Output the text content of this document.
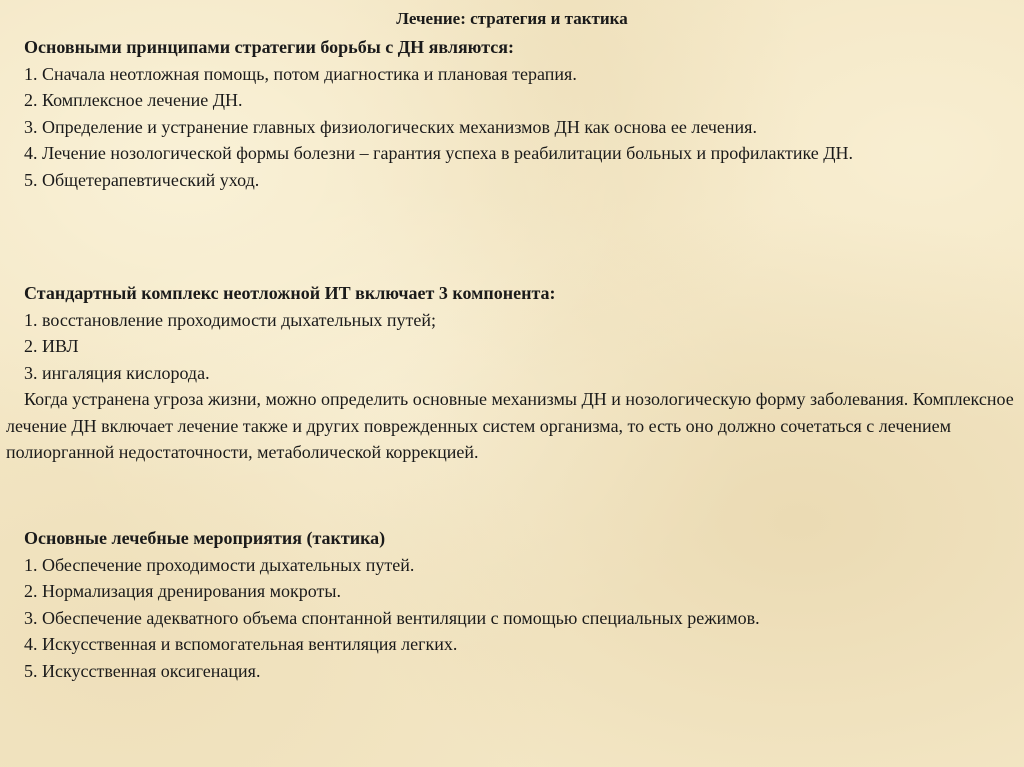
Лечение: стратегия и тактика

Основными принципами стратегии борьбы с ДН являются:

1. Сначала неотложная помощь, потом диагностика и плановая терапия.

2. Комплексное лечение ДН.

3. Определение и устранение главных физиологических механизмов ДН как основа ее лечения.

4. Лечение нозологической формы болезни – гарантия успеха в реабилитации больных и профилактике ДН.

5. Общетерапевтический уход.

Стандартный комплекс неотложной ИТ включает 3 компонента:

1. восстановление проходимости дыхательных путей;

2. ИВЛ

3. ингаляция кислорода.

Когда устранена угроза жизни, можно определить основные механизмы ДН и нозологическую форму заболевания. Комплексное лечение ДН включает лечение также и других поврежденных систем организма, то есть оно должно сочетаться с лечением полиорганной недостаточности, метаболической коррекцией.

Основные лечебные мероприятия (тактика)

1. Обеспечение проходимости дыхательных путей.

2. Нормализация дренирования мокроты.

3. Обеспечение адекватного объема спонтанной вентиляции с помощью специальных режимов.

4. Искусственная и вспомогательная вентиляция легких.

5. Искусственная оксигенация.
